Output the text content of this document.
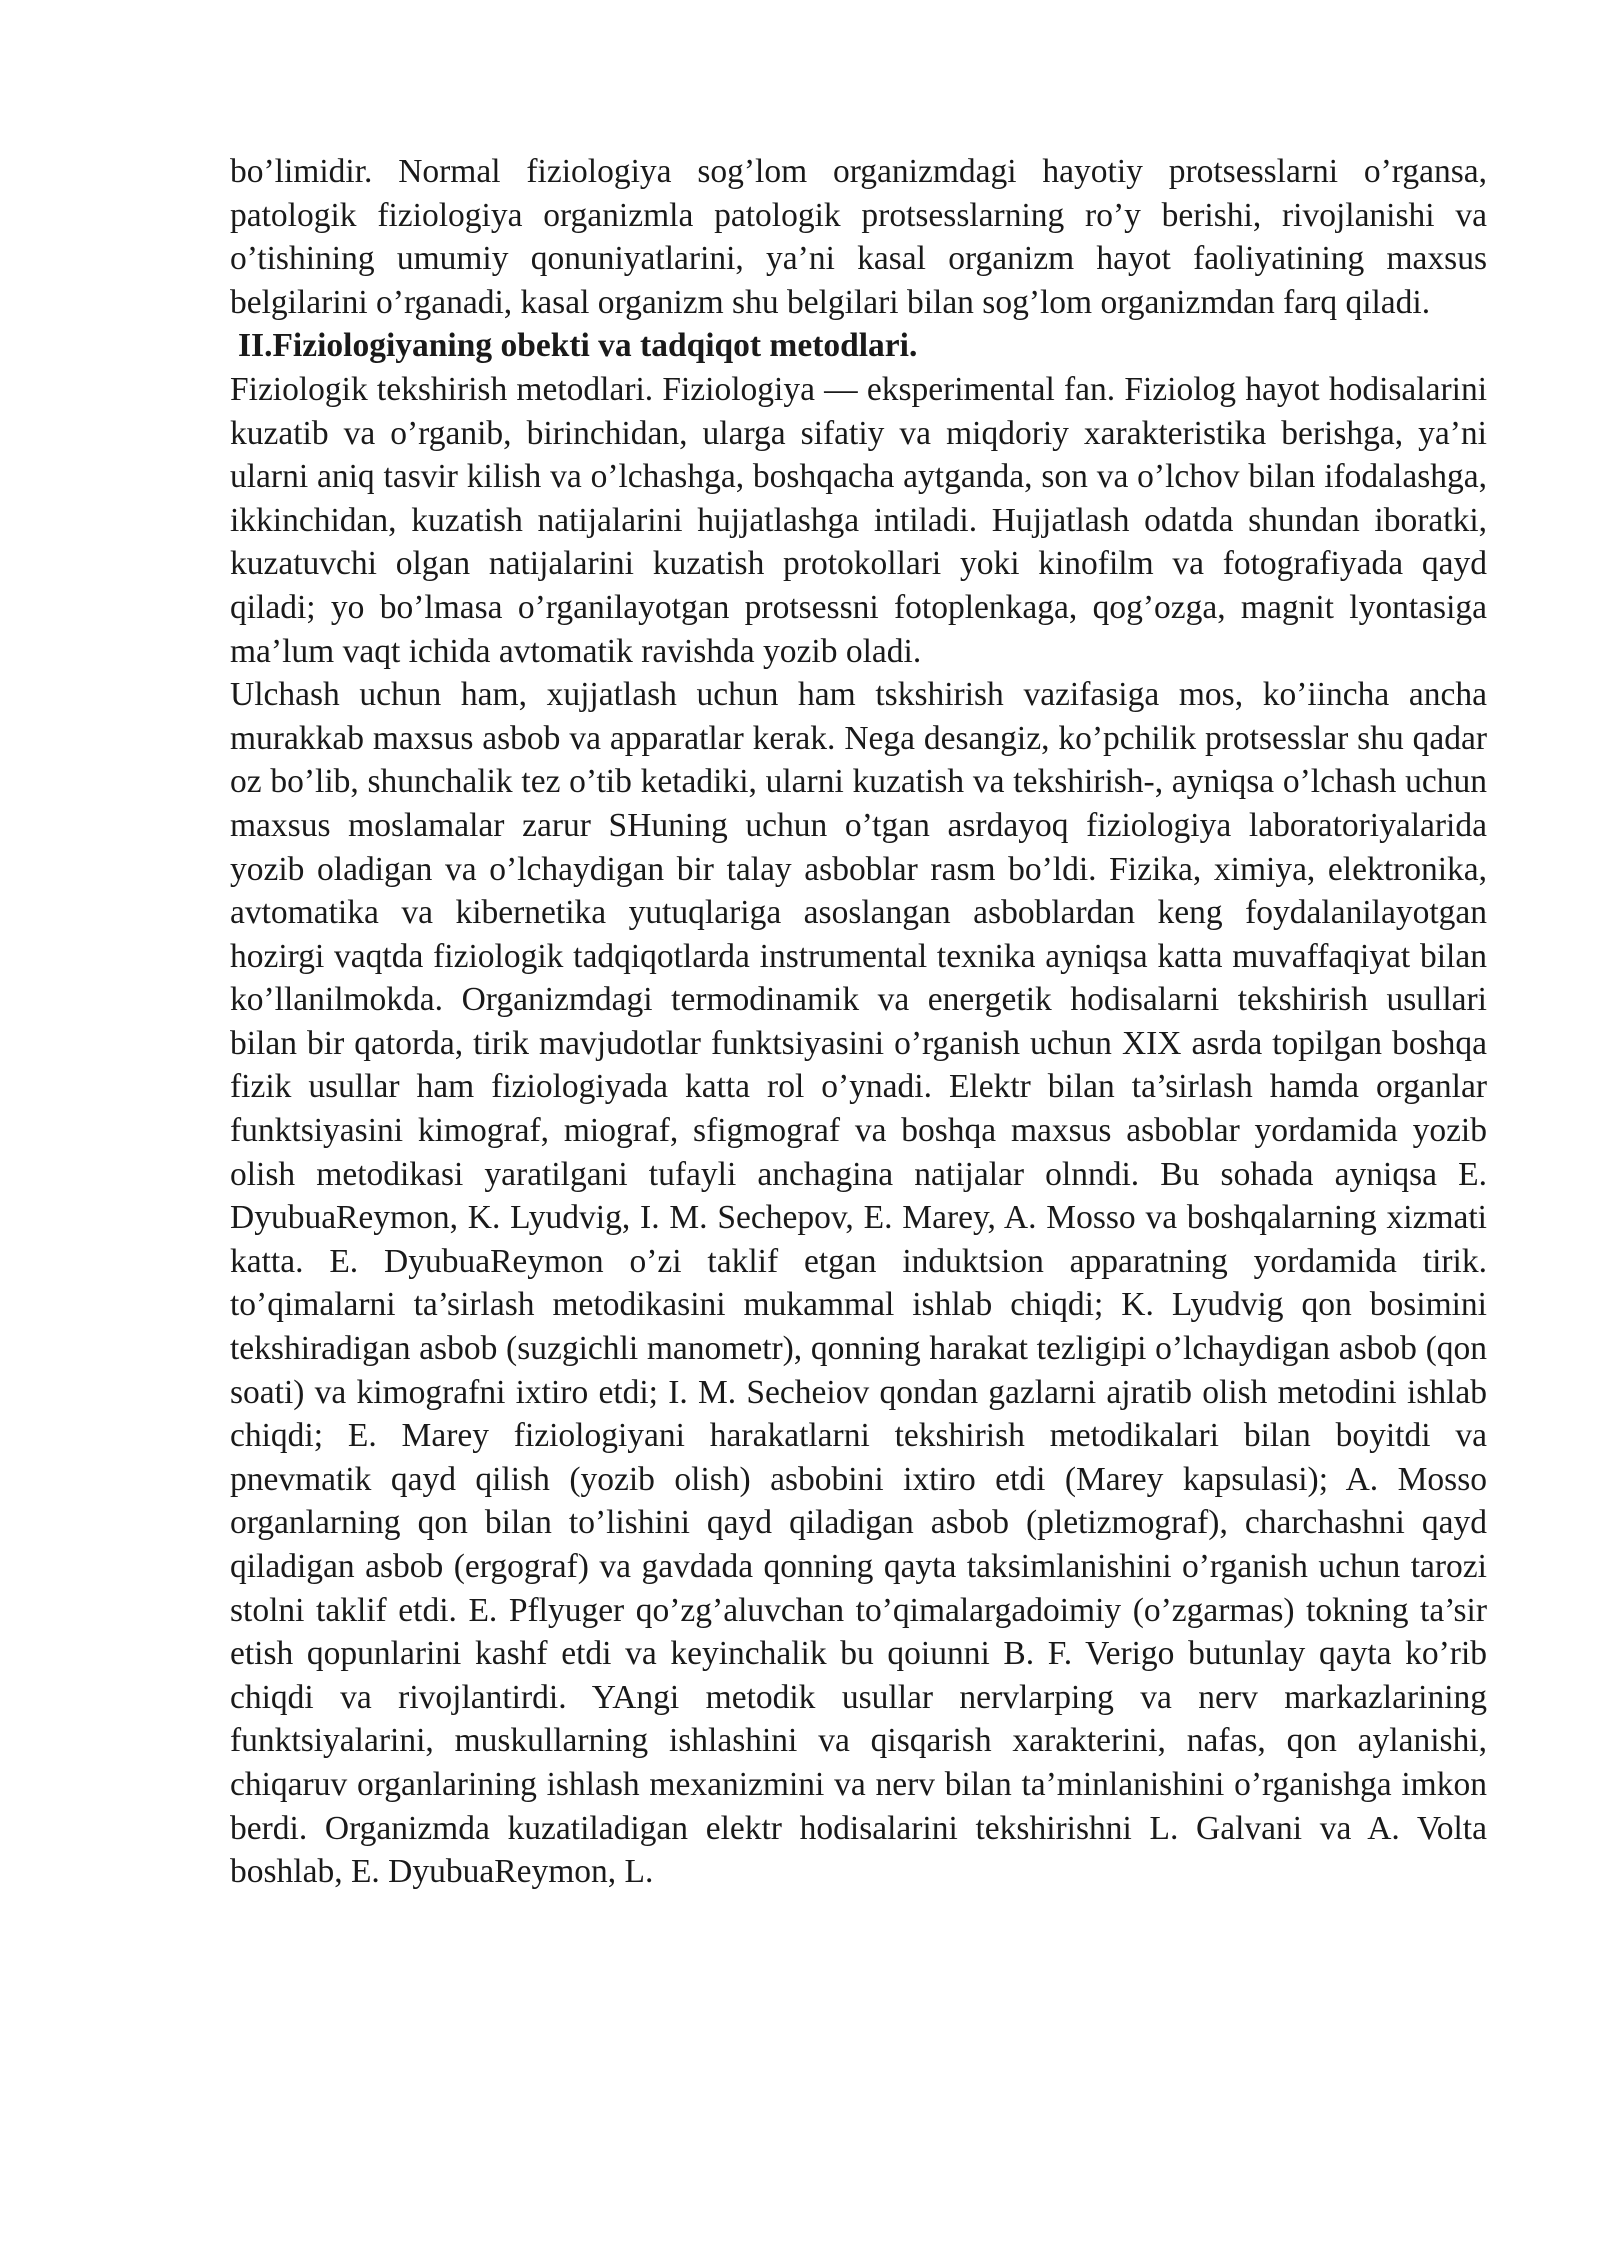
bo’limidir. Normal fiziologiya sog’lom organizmdagi hayotiy protsesslarni o’rgansa, patologik fiziologiya organizmla patologik protsesslarning ro’y berishi, rivojlanishi va o’tishining umumiy qonuniyatlarini, ya’ni kasal organizm hayot faoliyatining maxsus belgilarini o’rganadi, kasal organizm shu belgilari bilan sog’lom organizmdan farq qiladi.

II.Fiziologiyaning obekti va tadqiqot metodlari.

Fiziologik tekshirish metodlari. Fiziologiya — eksperimental fan. Fiziolog hayot hodisalarini kuzatib va o’rganib, birinchidan, ularga sifatiy va miqdoriy xarakteristika berishga, ya’ni ularni aniq tasvir kilish va o’lchashga, boshqacha aytganda, son va o’lchov bilan ifodalashga, ikkinchidan, kuzatish natijalarini hujjatlashga intiladi. Hujjatlash odatda shundan iboratki, kuzatuvchi olgan natijalarini kuzatish protokollari yoki kinofilm va fotografiyada qayd qiladi; yo bo’lmasa o’rganilayotgan protsessni fotoplenkaga, qog’ozga, magnit lyontasiga ma’lum vaqt ichida avtomatik ravishda yozib oladi.

Ulchash uchun ham, xujjatlash uchun ham tskshirish vazifasiga mos, ko’iincha ancha murakkab maxsus asbob va apparatlar kerak. Nega desangiz, ko’pchilik protsesslar shu qadar oz bo’lib, shunchalik tez o’tib ketadiki, ularni kuzatish va tekshirish-, ayniqsa o’lchash uchun maxsus moslamalar zarur SHuning uchun o’tgan asrdayoq fiziologiya laboratoriyalarida yozib oladigan va o’lchaydigan bir talay asboblar rasm bo’ldi. Fizika, ximiya, elektronika, avtomatika va kibernetika yutuqlariga asoslangan asboblardan keng foydalanilayotgan hozirgi vaqtda fiziologik tadqiqotlarda instrumental texnika ayniqsa katta muvaffaqiyat bilan ko’llanilmokda. Organizmdagi termodinamik va energetik hodisalarni tekshirish usullari bilan bir qatorda, tirik mavjudotlar funktsiyasini o’rganish uchun XIX asrda topilgan boshqa fizik usullar ham fiziologiyada katta rol o’ynadi. Elektr bilan ta’sirlash hamda organlar funktsiyasini kimograf, miograf, sfigmograf va boshqa maxsus asboblar yordamida yozib olish metodikasi yaratilgani tufayli anchagina natijalar olnndi. Bu sohada ayniqsa E. DyubuaReymon, K. Lyudvig, I. M. Sechepov, E. Marey, A. Mosso va boshqalarning xizmati katta. E. DyubuaReymon o’zi taklif etgan induktsion apparatning yordamida tirik. to’qimalarni ta’sirlash metodikasini mukammal ishlab chiqdi; K. Lyudvig qon bosimini tekshiradigan asbob (suzgichli manometr), qonning harakat tezligipi o’lchaydigan asbob (qon soati) va kimografni ixtiro etdi; I. M. Secheiov qondan gazlarni ajratib olish metodini ishlab chiqdi; E. Marey fiziologiyani harakatlarni tekshirish metodikalari bilan boyitdi va pnevmatik qayd qilish (yozib olish) asbobini ixtiro etdi (Marey kapsulasi); A. Mosso organlarning qon bilan to’lishini qayd qiladigan asbob (pletizmograf), charchashni qayd qiladigan asbob (ergograf) va gavdada qonning qayta taksimlanishini o’rganish uchun tarozi stolni taklif etdi. E. Pflyuger qo’zg’aluvchan to’qimalargadoimiy (o’zgarmas) tokning ta’sir etish qopunlarini kashf etdi va keyinchalik bu qoiunni B. F. Verigo butunlay qayta ko’rib chiqdi va rivojlantirdi. YAngi metodik usullar nervlarping va nerv markazlarining funktsiyalarini, muskullarning ishlashini va qisqarish xarakterini, nafas, qon aylanishi, chiqaruv organlarining ishlash mexanizmini va nerv bilan ta’minlanishini o’rganishga imkon berdi. Organizmda kuzatiladigan elektr hodisalarini tekshirishni L. Galvani va A. Volta boshlab, E. DyubuaReymon, L.
